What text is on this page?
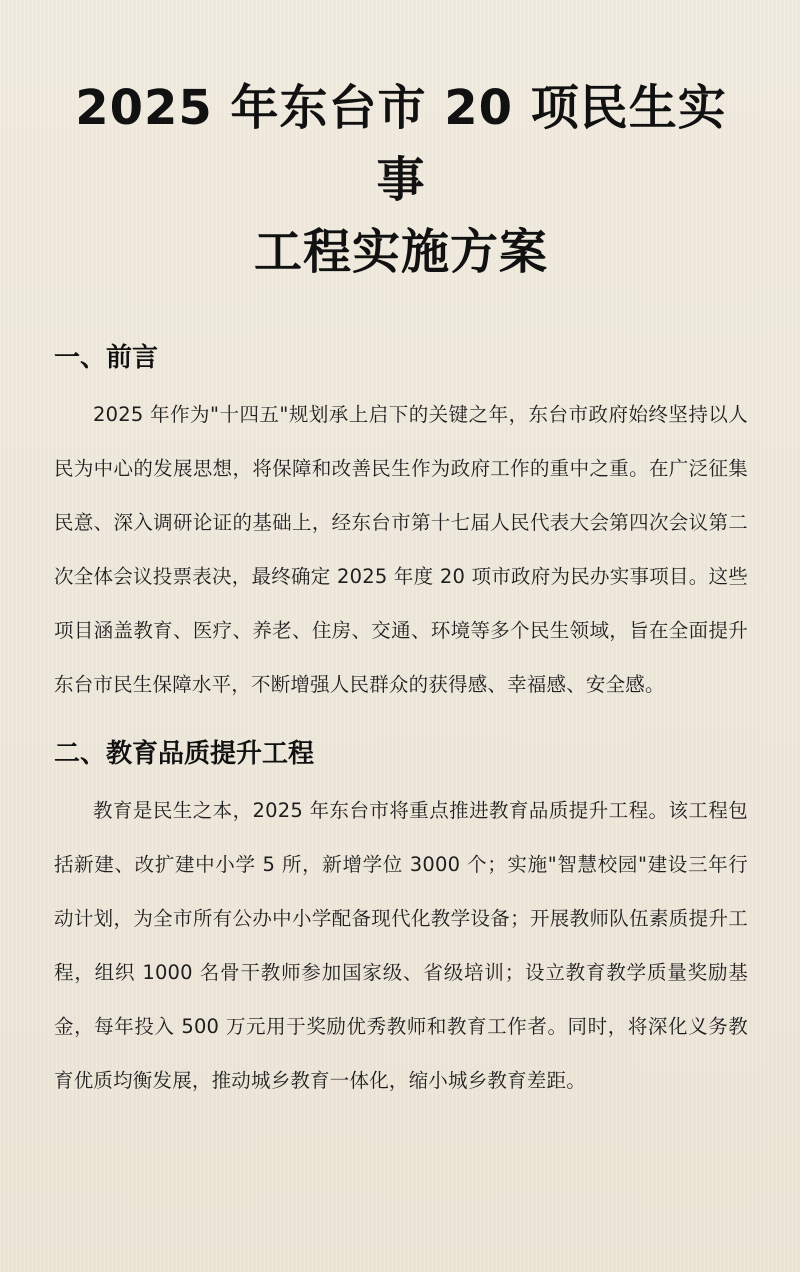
2025 年东台市 20 项民生实事
工程实施方案
一、前言

2025 年作为"十四五"规划承上启下的关键之年，东台市政府始终坚持以人民为中心的发展思想，将保障和改善民生作为政府工作的重中之重。在广泛征集民意、深入调研论证的基础上，经东台市第十七届人民代表大会第四次会议第二次全体会议投票表决，最终确定 2025 年度 20 项市政府为民办实事项目。这些项目涵盖教育、医疗、养老、住房、交通、环境等多个民生领域，旨在全面提升东台市民生保障水平，不断增强人民群众的获得感、幸福感、安全感。

二、教育品质提升工程

教育是民生之本，2025 年东台市将重点推进教育品质提升工程。该工程包括新建、改扩建中小学 5 所，新增学位 3000 个；实施"智慧校园"建设三年行动计划，为全市所有公办中小学配备现代化教学设备；开展教师队伍素质提升工程，组织 1000 名骨干教师参加国家级、省级培训；设立教育教学质量奖励基金，每年投入 500 万元用于奖励优秀教师和教育工作者。同时，将深化义务教育优质均衡发展，推动城乡教育一体化，缩小城乡教育差距。
